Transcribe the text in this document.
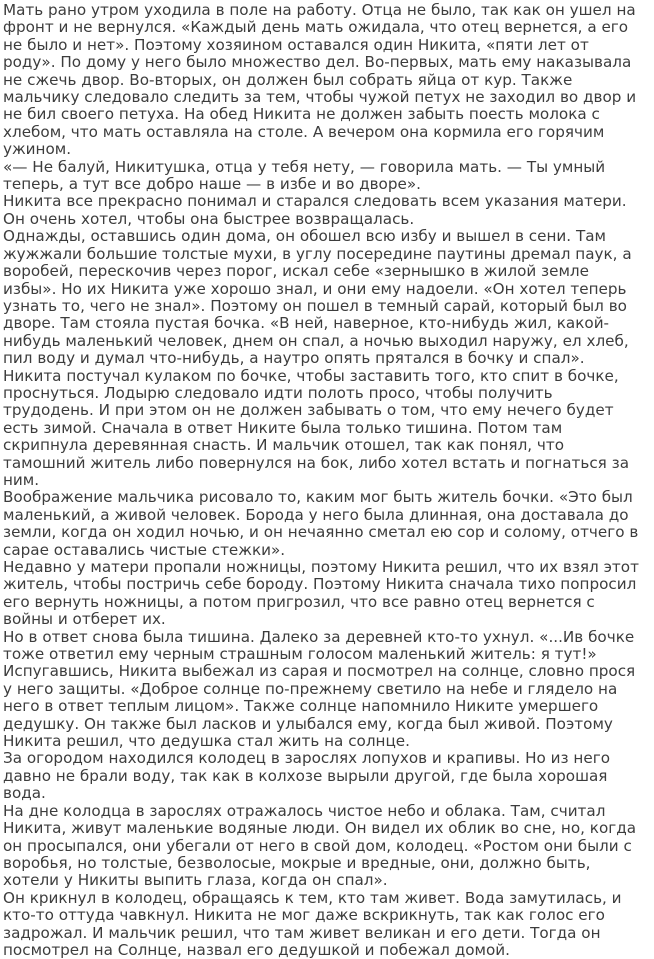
Мать рано утром уходила в поле на работу. Отца не было, так как он ушел на фронт и не вернулся. «Каждый день мать ожидала, что отец вернется, а его не было и нет». Поэтому хозяином оставался один Никита, «пяти лет от роду». По дому у него было множество дел. Во-первых, мать ему наказывала не сжечь двор. Во-вторых, он должен был собрать яйца от кур. Также мальчику следовало следить за тем, чтобы чужой петух не заходил во двор и не бил своего петуха. На обед Никита не должен забыть поесть молока с хлебом, что мать оставляла на столе. А вечером она кормила его горячим ужином.

«— Не балуй, Никитушка, отца у тебя нету, — говорила мать. — Ты умный теперь, а тут все добро наше — в избе и во дворе».

Никита все прекрасно понимал и старался следовать всем указания матери. Он очень хотел, чтобы она быстрее возвращалась.

Однажды, оставшись один дома, он обошел всю избу и вышел в сени. Там жужжали большие толстые мухи, в углу посередине паутины дремал паук, а воробей, перескочив через порог, искал себе «зернышко в жилой земле избы». Но их Никита уже хорошо знал, и они ему надоели. «Он хотел теперь узнать то, чего не знал». Поэтому он пошел в темный сарай, который был во дворе. Там стояла пустая бочка. «В ней, наверное, кто-нибудь жил, какой-нибудь маленький человек, днем он спал, а ночью выходил наружу, ел хлеб, пил воду и думал что-нибудь, а наутро опять прятался в бочку и спал».

Никита постучал кулаком по бочке, чтобы заставить того, кто спит в бочке, проснуться. Лодырю следовало идти полоть просо, чтобы получить трудодень. И при этом он не должен забывать о том, что ему нечего будет есть зимой. Сначала в ответ Никите была только тишина. Потом там скрипнула деревянная снасть. И мальчик отошел, так как понял, что тамошний житель либо повернулся на бок, либо хотел встать и погнаться за ним.

Воображение мальчика рисовало то, каким мог быть житель бочки. «Это был маленький, а живой человек. Борода у него была длинная, она доставала до земли, когда он ходил ночью, и он нечаянно сметал ею сор и солому, отчего в сарае оставались чистые стежки».

Недавно у матери пропали ножницы, поэтому Никита решил, что их взял этот житель, чтобы постричь себе бороду. Поэтому Никита сначала тихо попросил его вернуть ножницы, а потом пригрозил, что все равно отец вернется с войны и отберет их.

Но в ответ снова была тишина. Далеко за деревней кто-то ухнул. «...Ив бочке тоже ответил ему черным страшным голосом маленький житель: я тут!» Испугавшись, Никита выбежал из сарая и посмотрел на солнце, словно прося у него защиты. «Доброе солнце по-прежнему светило на небе и глядело на него в ответ теплым лицом». Также солнце напомнило Никите умершего дедушку. Он также был ласков и улыбался ему, когда был живой. Поэтому Никита решил, что дедушка стал жить на солнце.

За огородом находился колодец в зарослях лопухов и крапивы. Но из него давно не брали воду, так как в колхозе вырыли другой, где была хорошая вода.

На дне колодца в зарослях отражалось чистое небо и облака. Там, считал Никита, живут маленькие водяные люди. Он видел их облик во сне, но, когда он просыпался, они убегали от него в свой дом, колодец. «Ростом они были с воробья, но толстые, безволосые, мокрые и вредные, они, должно быть, хотели у Никиты выпить глаза, когда он спал».

Он крикнул в колодец, обращаясь к тем, кто там живет. Вода замутилась, и кто-то оттуда чавкнул. Никита не мог даже вскрикнуть, так как голос его задрожал. И мальчик решил, что там живет великан и его дети. Тогда он посмотрел на Солнце, назвал его дедушкой и побежал домой.
